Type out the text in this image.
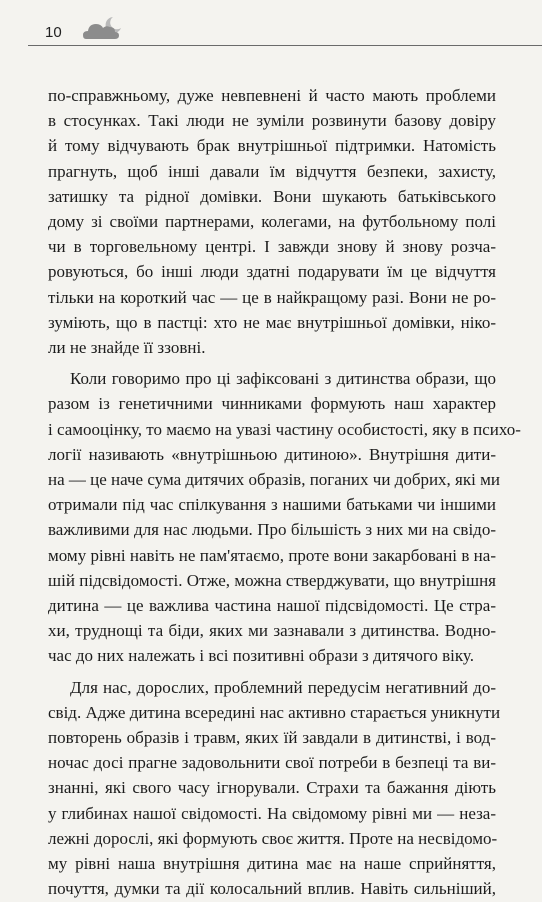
10
по-справжньому, дуже невпевнені й часто мають проблеми
в стосунках. Такі люди не зуміли розвинути базову довіру
й тому відчувають брак внутрішньої підтримки. Натомість
прагнуть, щоб інші давали їм відчуття безпеки, захисту,
затишку та рідної домівки. Вони шукають батьківського
дому зі своїми партнерами, колегами, на футбольному полі
чи в торговельному центрі. І завжди знову й знову розча-
ровуються, бо інші люди здатні подарувати їм це відчуття
тільки на короткий час — це в найкращому разі. Вони не ро-
зуміють, що в пастці: хто не має внутрішньої домівки, ніко-
ли не знайде її ззовні.
Коли говоримо про ці зафіксовані з дитинства образи, що
разом із генетичними чинниками формують наш характер
і самооцінку, то маємо на увазі частину особистості, яку в психо-
логії називають «внутрішньою дитиною». Внутрішня дити-
на — це наче сума дитячих образів, поганих чи добрих, які ми
отримали під час спілкування з нашими батьками чи іншими
важливими для нас людьми. Про більшість з них ми на свідо-
мому рівні навіть не пам'ятаємо, проте вони закарбовані в на-
шій підсвідомості. Отже, можна стверджувати, що внутрішня
дитина — це важлива частина нашої підсвідомості. Це стра-
хи, труднощі та біди, яких ми зазнавали з дитинства. Водно-
час до них належать і всі позитивні образи з дитячого віку.
Для нас, дорослих, проблемний передусім негативний до-
свід. Адже дитина всередині нас активно старається уникнути
повторень образів і травм, яких їй завдали в дитинстві, і вод-
ночас досі прагне задовольнити свої потреби в безпеці та ви-
знанні, які свого часу ігнорували. Страхи та бажання діють
у глибинах нашої свідомості. На свідомому рівні ми — неза-
лежні дорослі, які формують своє життя. Проте на несвідомо-
му рівні наша внутрішня дитина має на наше сприйняття,
почуття, думки та дії колосальний вплив. Навіть сильніший,
